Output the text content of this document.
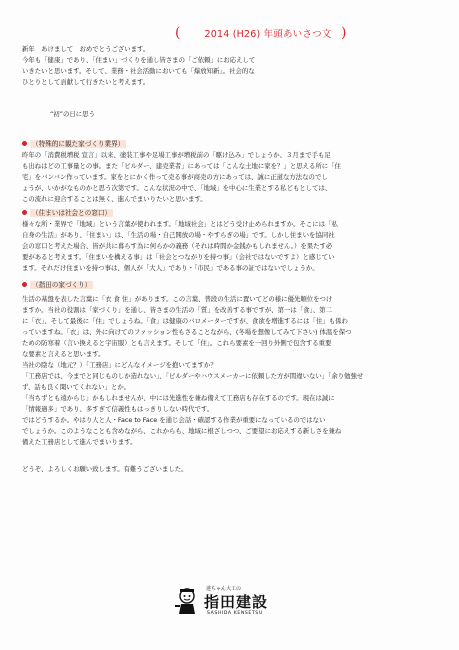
(	2014 (H26) 年頭あいさつ文 )
新年　あけまして　おめでとうございます。
今年も「健康」であり、「住まい」づくりを通し皆さまの「ご依頼」にお応えして
いきたいと思います。そして、業務・社会活動においても「爆放知新」。社会的な
ひとりとして貢献して行きたいと考えます。
“初”の日に思う
（特殊的に観た家づくり業界）
昨年の「消費税増税 宣言」以来、塗装工事や足場工事が増税前の「駆け込み」でしょうか、３月まで手も足
も出ねはどの工事量との事。また「ビルダー、建売業者」にあっては「こんな土地に家を？」と思える所に「住
宅」をバンバン作っています。家をとにかく作って売る事が商売の方にあっては、誠に正道な方法なのでし
ょうが、いかがなものかと思う次第です。こんな状況の中で、「地域」を中心に生業とする私どもとしては、
この流れに迎合することは無く、進んでまいりたいと思います。
（住まいは社会との窓口）
様々な所・業界で「地域」という言葉が使われます。「地域社会」とはどう受け止められますか。そこには「私
自身の生活」があり、「住まい」は、「生活の場・自己開放の場・やすらぎの場」です。しかし住まいを協同社
会の窓口と考えた場合、皆が共に暮らす為に何らかの義務（それは時間か金銭かもしれません。）を果たす必
要があると考えます。「住まいを構える事」は「社会とつながりを持つ事」（会社ではないですよ）と感じてい
ます。それだけ住まいを持つ事は、個人が「大人」であり・「市民」である事の証ではないでしょうか。
（指田の家づくり）
生活の基盤を表した言葉に「衣 食 住」があります。この言葉、普段の生活に置いてどの様に優先順位をつけ
ますか。当社の役割は「家づくり」を通し、皆さまの生活の「質」を改善する事ですが、第一は「食」、第二
に「衣」、そして最後に「住」でしょうね。「食」は健康のバロメーターですが、食欲を増進するには「住」も係わ
っていますね。「衣」は、外に向けてのファッション性もさることながら、(冬場を想像してみて下さい) 体温を保つ
ための防寒着（言い換えると宇宙服）とも言えます。そして「住」。これら要素を一回り外側で包含する重要
な要素と言えると思います。
当社の陰な（地元？）「工務店」にどんなイメージを抱いてますか？
「工務店では、今までと同じものしか造れない」、「ビルダーやハウスメーカーに依頼した方が間違いない」「余り勉強せ
ず、話も良く聞いてくれない」とか。
「当ちずとも遠からじ」かもしれませんが、中には先進性を兼ね備えて工務店も存在するのです。現在は誠に
「情報過多」であり、多すぎて信義性もはっきりしない時代です。
ではどうするか。やはり人と人・Face to Face を通じ会話・確認する作業が重要になっているのではない
でしょうか。このようなことも含めながら、これからも、地域に根ざしつつ、ご要望にお応えする新しさを兼ね
備えた工務店として進んでまいります。
どうぞ、よろしくお願い致します。有難うございました。
達ちゃん大工の
指田建設
SASHIDA KENSETSU
